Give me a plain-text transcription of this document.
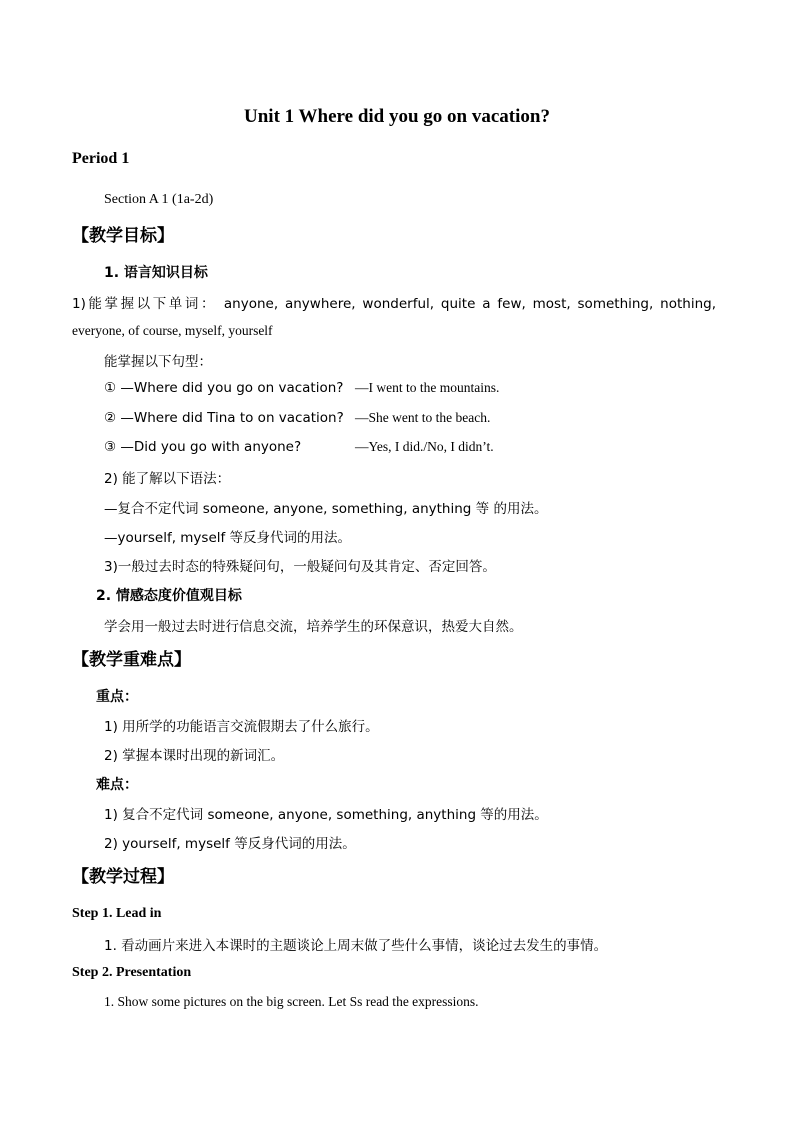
Unit 1 Where did you go on vacation?
Period 1
Section A 1 (1a-2d)
【教学目标】
1. 语言知识目标
1)能掌握以下单词： anyone, anywhere, wonderful, quite a few, most, something, nothing,
everyone, of course, myself, yourself
能掌握以下句型：
① —Where did you go on vacation? —I went to the mountains.
② —Where did Tina to on vacation? —She went to the beach.
③ —Did you go with anyone?	—Yes, I did./No, I didn’t.
2) 能了解以下语法：
—复合不定代词 someone, anyone, something, anything 等 的用法。
—yourself, myself 等反身代词的用法。
3)一般过去时态的特殊疑问句，一般疑问句及其肯定、否定回答。
2. 情感态度价值观目标
学会用一般过去时进行信息交流，培养学生的环保意识，热爱大自然。
【教学重难点】
重点：
1) 用所学的功能语言交流假期去了什么旅行。
2) 掌握本课时出现的新词汇。
难点：
1) 复合不定代词 someone, anyone, something, anything 等的用法。
2) yourself, myself 等反身代词的用法。
【教学过程】
Step 1. Lead in
1. 看动画片来进入本课时的主题谈论上周末做了些什么事情，谈论过去发生的事情。
Step 2. Presentation
1. Show some pictures on the big screen. Let Ss read the expressions.
